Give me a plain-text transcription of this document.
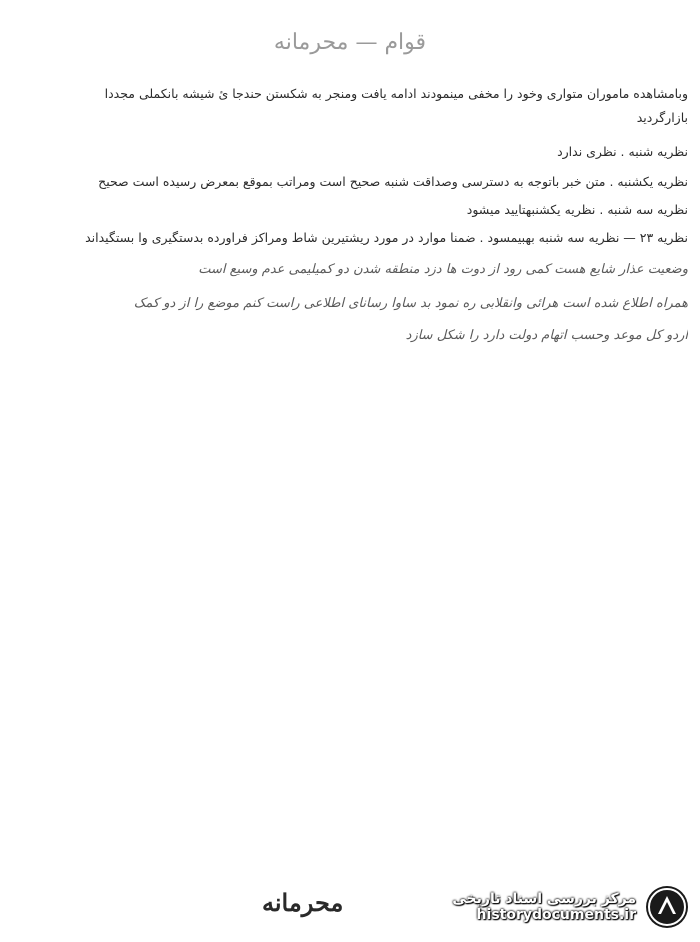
قوام — محرمانه
وبامشاهده ماموران متواری وخود را مخفی مینمودند ادامه یافت ومنجر به شکستن حندجا ئ شیشه بانکملی مجددا
بازارگردید
نظریه شنبه . نظری ندارد
نظریه یکشنبه . متن خبر باتوجه به دسترسی وصداقت شنبه صحیح است ومراتب بموقع بمعرض رسیده است صحیح
نظریه سه شنبه . نظریه یکشنبهتایید میشود
نظریه ۲۳ — نظریه سه شنبه بهبیمسود . ضمنا موارد در مورد ریشتیرین شاط ومراکز فراورده بدستگیری وا بستگیداند
وضعیت عذار شایع هست کمی رود از دوت ها دزد منطقه شدن دو کمیلیمی عدم وسیع است
همراه اطلاع شده است هرائی وانقلابی ره نمود بد ساوا رسانای اطلاعی راست کنم موضع را از دو کمک
اردو کل موعد وحسب اتهام دولت دارد را شکل سازد
محرمانه	مرکز بررسی اسناد تاریخی
historydocuments.ir
